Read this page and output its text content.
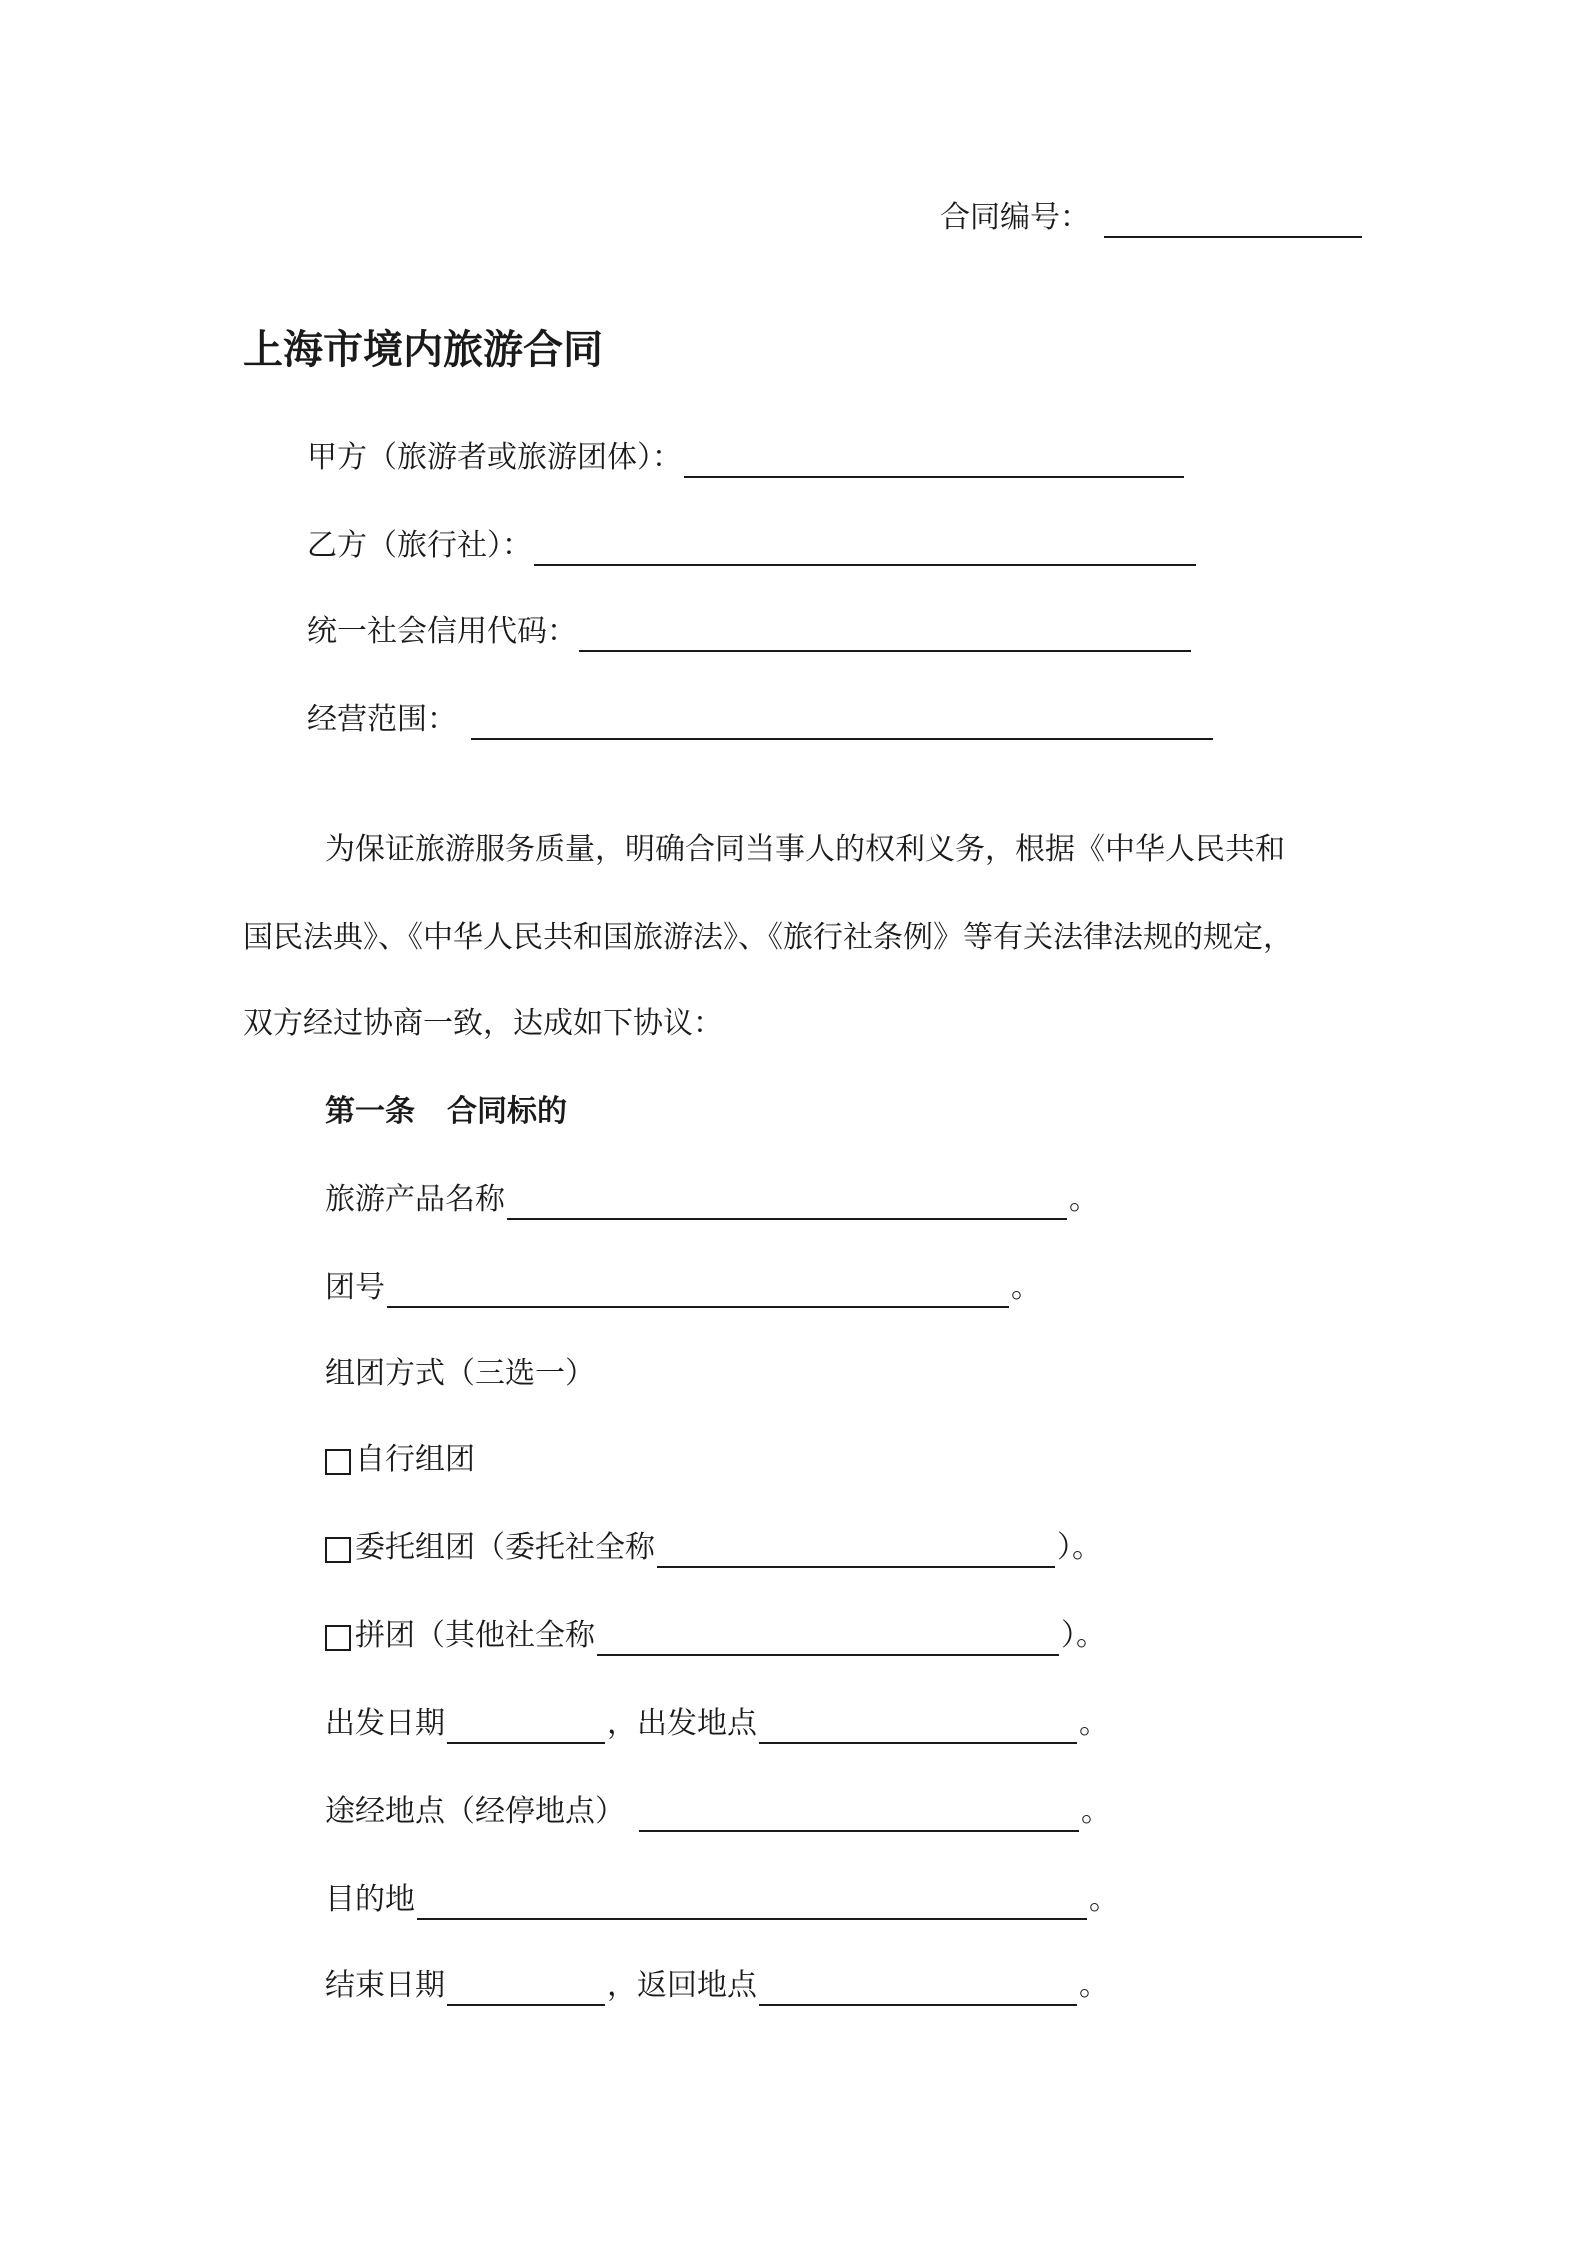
合同编号：
上海市境内旅游合同
甲方（旅游者或旅游团体）：
乙方（旅行社）：
统一社会信用代码：
经营范围：
为保证旅游服务质量，明确合同当事人的权利义务，根据《中华人民共和
国民法典》、《中华人民共和国旅游法》、《旅行社条例》等有关法律法规的规定，
双方经过协商一致，达成如下协议：
第一条 合同标的
旅游产品名称	。
团号	。
组团方式（三选一）
自行组团
委托组团（委托社全称	）。
拼团（其他社全称	）。
出发日期	，出发地点	。
途经地点（经停地点）	。
目的地	。
结束日期	，返回地点	。
